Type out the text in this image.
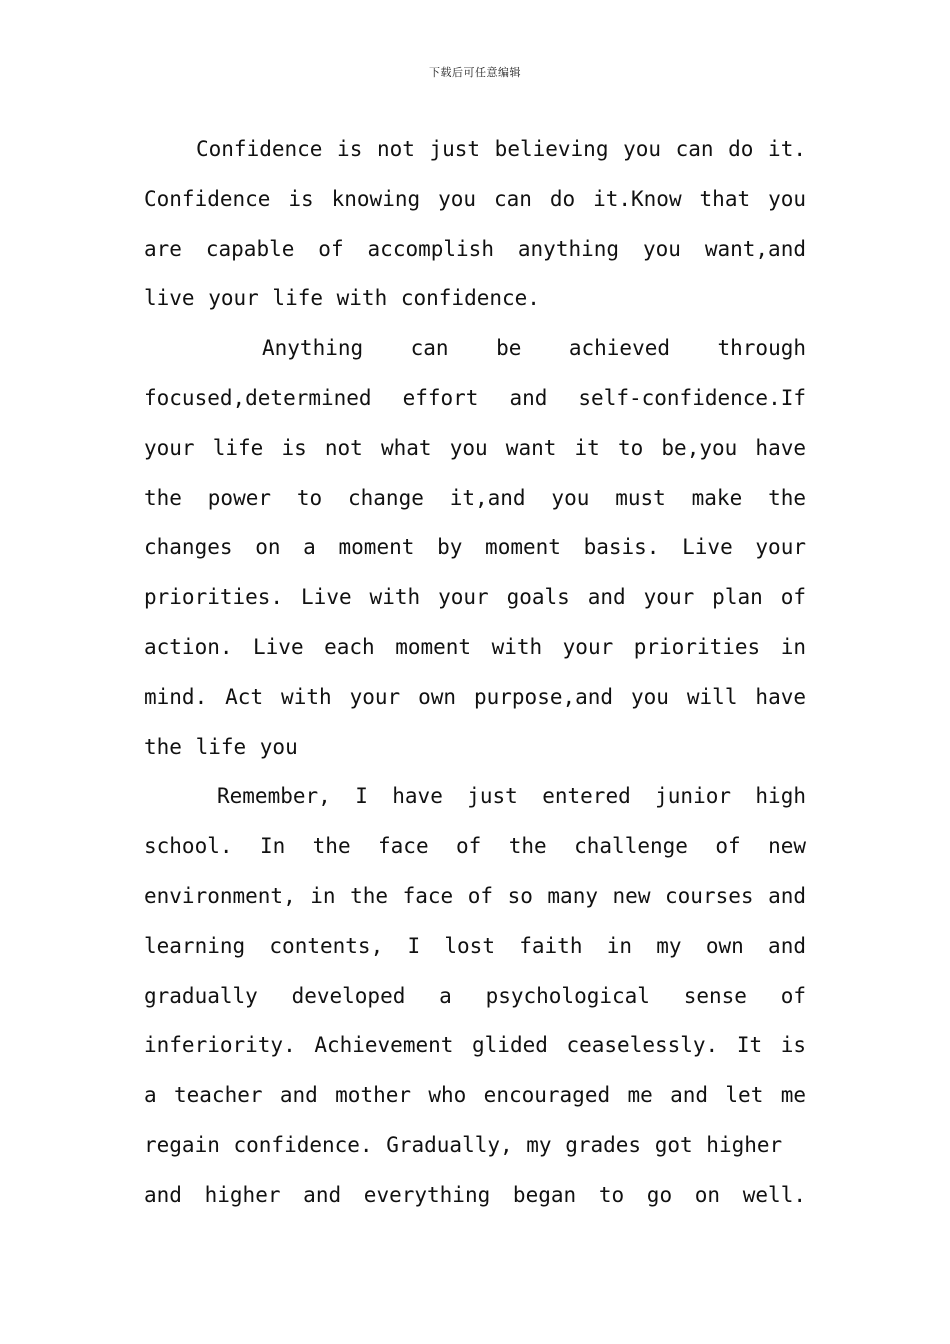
下载后可任意编辑

Confidence is not just believing you can do it. Confidence is knowing you can do it.Know that you are capable of accomplish anything you want,and live your life with confidence.

Anything can be achieved through focused,determined effort and self-confidence.If your life is not what you want it to be,you have the power to change it,and you must make the changes on a moment by moment basis. Live your priorities. Live with your goals and your plan of action. Live each moment with your priorities in mind. Act with your own purpose,and you will have the life you

Remember, I have just entered junior high school. In the face of the challenge of new environment, in the face of so many new courses and learning contents, I lost faith in my own and gradually developed a psychological sense of inferiority. Achievement glided ceaselessly. It is a teacher and mother who encouraged me and let me regain confidence. Gradually, my grades got higher

and higher and everything began to go on well.
